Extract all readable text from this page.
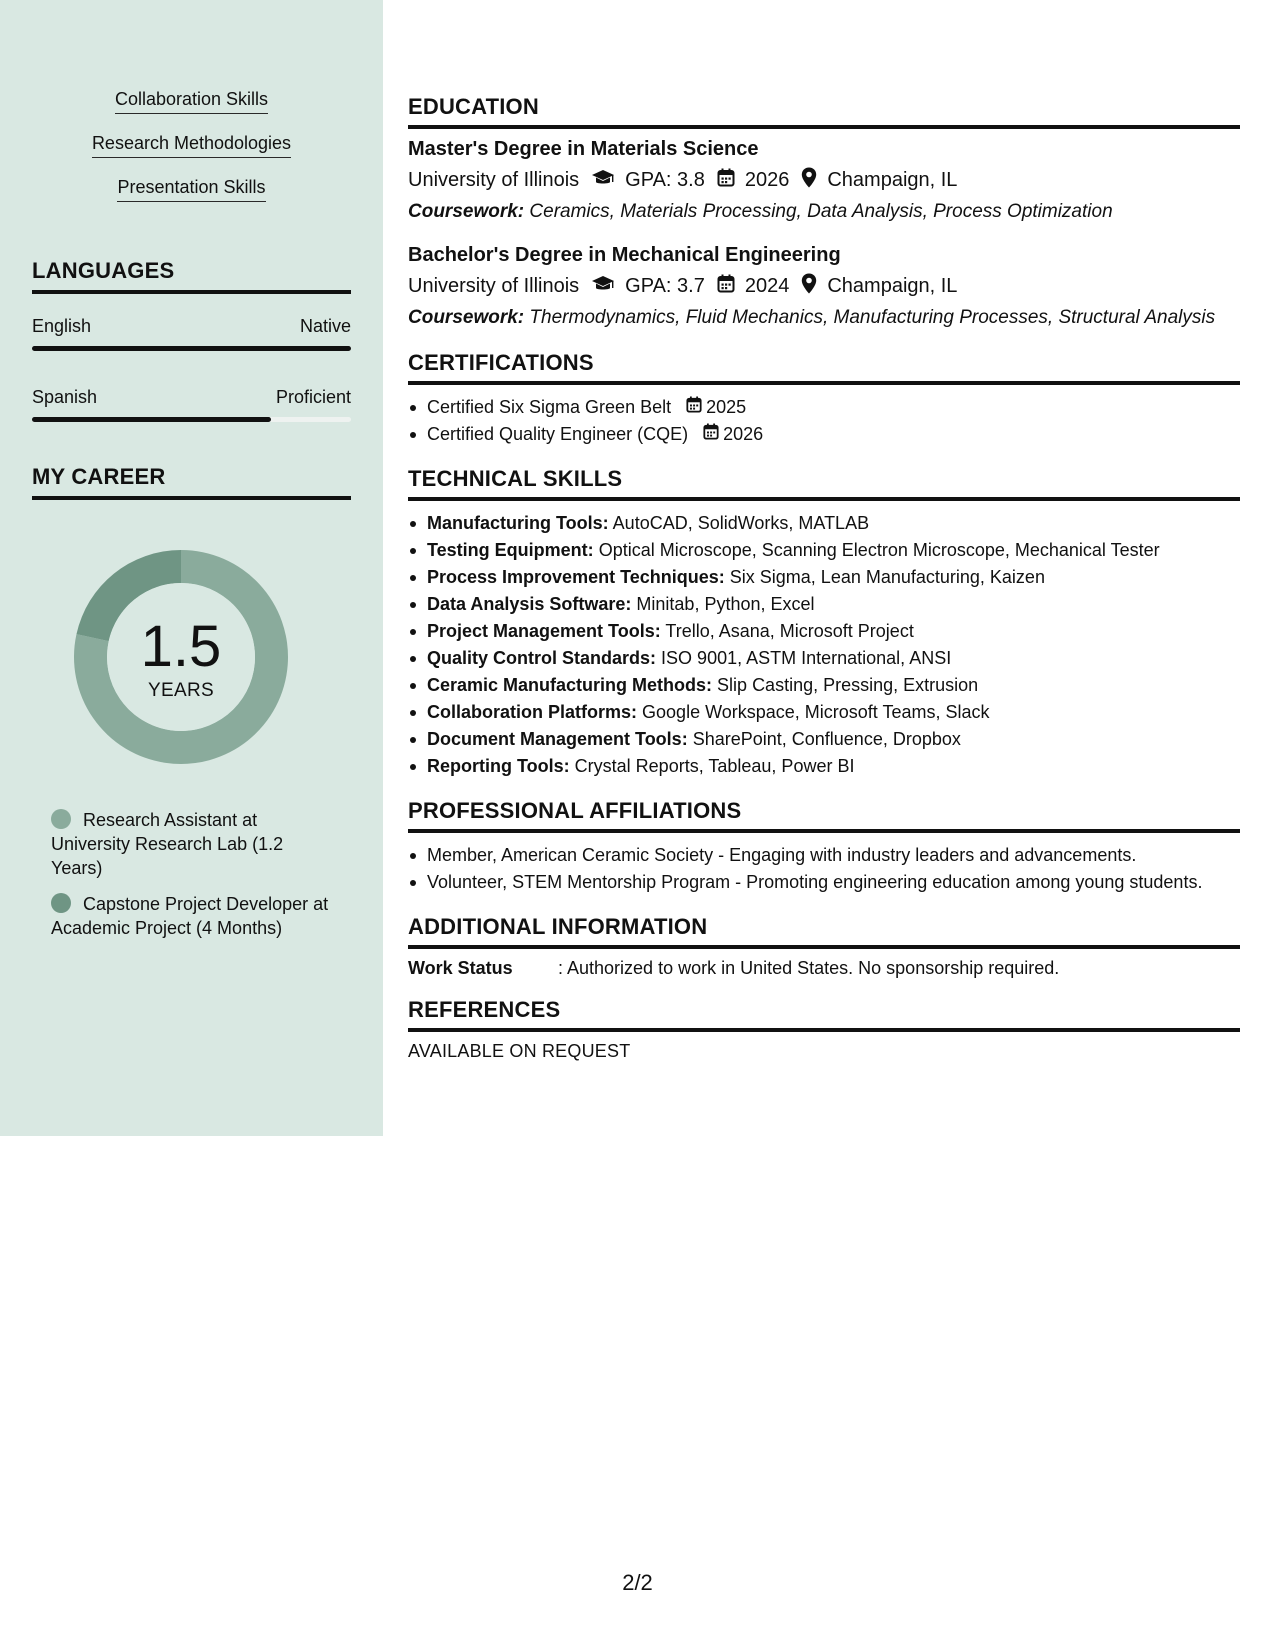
Collaboration Skills
Research Methodologies
Presentation Skills
LANGUAGES
English	Native
Spanish	Proficient
MY CAREER
1.5
YEARS
Research Assistant at University Research Lab (1.2 Years)
Capstone Project Developer at Academic Project (4 Months)
EDUCATION
Master's Degree in Materials Science
University of Illinois GPA: 3.8 2026 Champaign, IL
Coursework: Ceramics, Materials Processing, Data Analysis, Process Optimization
Bachelor's Degree in Mechanical Engineering
University of Illinois GPA: 3.7 2024 Champaign, IL
Coursework: Thermodynamics, Fluid Mechanics, Manufacturing Processes, Structural Analysis
CERTIFICATIONS
Certified Six Sigma Green Belt 2025
Certified Quality Engineer (CQE) 2026
TECHNICAL SKILLS
Manufacturing Tools: AutoCAD, SolidWorks, MATLAB
Testing Equipment: Optical Microscope, Scanning Electron Microscope, Mechanical Tester
Process Improvement Techniques: Six Sigma, Lean Manufacturing, Kaizen
Data Analysis Software: Minitab, Python, Excel
Project Management Tools: Trello, Asana, Microsoft Project
Quality Control Standards: ISO 9001, ASTM International, ANSI
Ceramic Manufacturing Methods: Slip Casting, Pressing, Extrusion
Collaboration Platforms: Google Workspace, Microsoft Teams, Slack
Document Management Tools: SharePoint, Confluence, Dropbox
Reporting Tools: Crystal Reports, Tableau, Power BI
PROFESSIONAL AFFILIATIONS
Member, American Ceramic Society - Engaging with industry leaders and advancements.
Volunteer, STEM Mentorship Program - Promoting engineering education among young students.
ADDITIONAL INFORMATION
Work Status	: Authorized to work in United States. No sponsorship required.
REFERENCES
AVAILABLE ON REQUEST
2/2
